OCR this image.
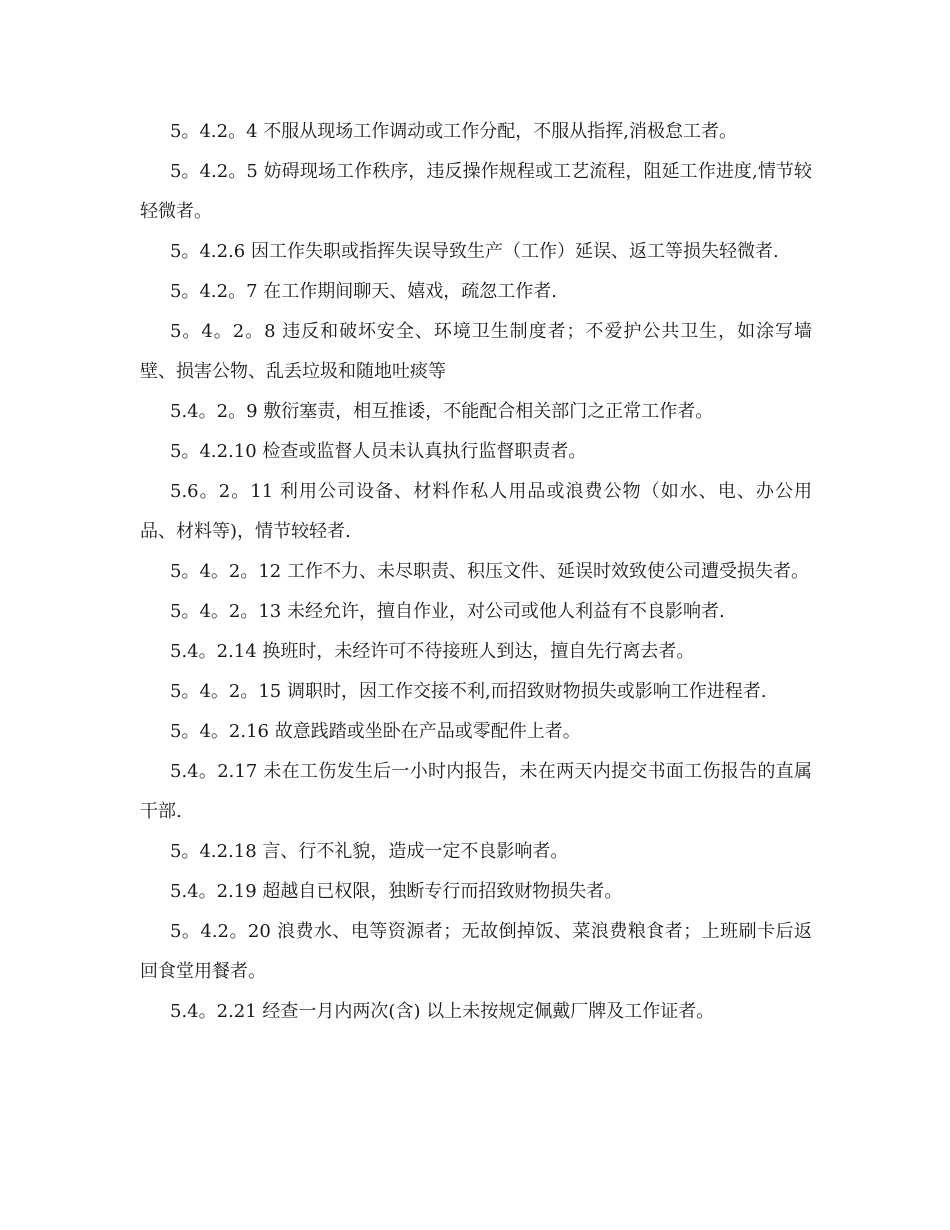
5。4.2。4 不服从现场工作调动或工作分配，不服从指挥,消极怠工者。

5。4.2。5 妨碍现场工作秩序，违反操作规程或工艺流程，阻延工作进度,情节较轻微者。

5。4.2.6 因工作失职或指挥失误导致生产（工作）延误、返工等损失轻微者.

5。4.2。7 在工作期间聊天、嬉戏，疏忽工作者.

5。4。2。8 违反和破坏安全、环境卫生制度者；不爱护公共卫生，如涂写墙壁、损害公物、乱丢垃圾和随地吐痰等

5.4。2。9 敷衍塞责，相互推诿，不能配合相关部门之正常工作者。

5。4.2.10 检查或监督人员未认真执行监督职责者。

5.6。2。11 利用公司设备、材料作私人用品或浪费公物（如水、电、办公用品、材料等)，情节较轻者.

5。4。2。12 工作不力、未尽职责、积压文件、延误时效致使公司遭受损失者。

5。4。2。13 未经允许，擅自作业，对公司或他人利益有不良影响者.

5.4。2.14 换班时，未经许可不待接班人到达，擅自先行离去者。

5。4。2。15 调职时，因工作交接不利,而招致财物损失或影响工作进程者.

5。4。2.16 故意践踏或坐卧在产品或零配件上者。

5.4。2.17 未在工伤发生后一小时内报告，未在两天内提交书面工伤报告的直属干部.

5。4.2.18 言、行不礼貌，造成一定不良影响者。

5.4。2.19 超越自已权限，独断专行而招致财物损失者。

5。4.2。20 浪费水、电等资源者；无故倒掉饭、菜浪费粮食者；上班刷卡后返回食堂用餐者。

5.4。2.21 经查一月内两次(含) 以上未按规定佩戴厂牌及工作证者。
